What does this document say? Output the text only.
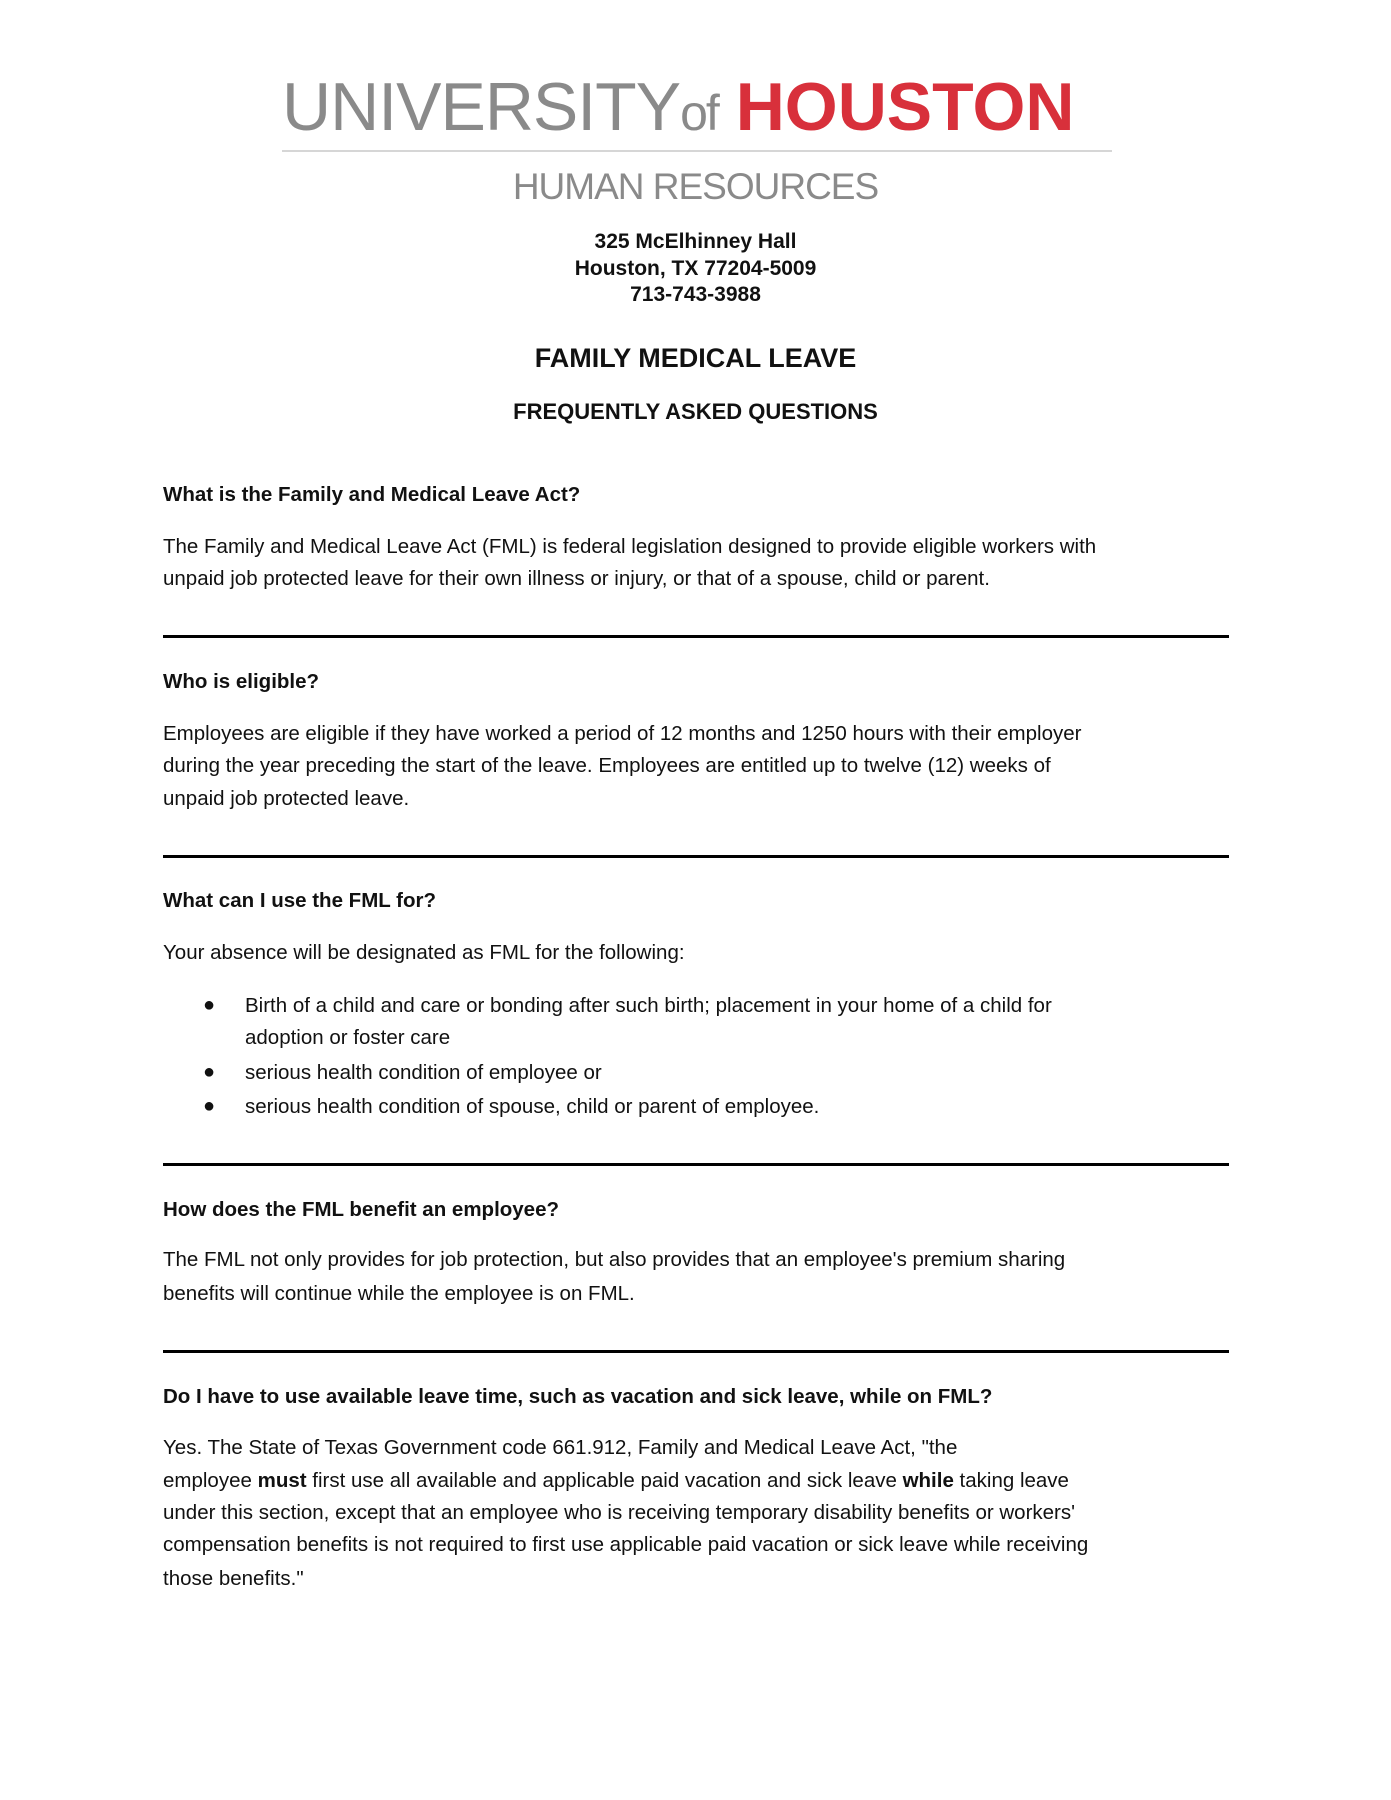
UNIVERSITYof HOUSTON
HUMAN RESOURCES
325 McElhinney Hall
Houston, TX 77204-5009
713-743-3988
FAMILY MEDICAL LEAVE
FREQUENTLY ASKED QUESTIONS
What is the Family and Medical Leave Act?
The Family and Medical Leave Act (FML) is federal legislation designed to provide eligible workers with
unpaid job protected leave for their own illness or injury, or that of a spouse, child or parent.
Who is eligible?
Employees are eligible if they have worked a period of 12 months and 1250 hours with their employer
during the year preceding the start of the leave. Employees are entitled up to twelve (12) weeks of
unpaid job protected leave.
What can I use the FML for?
Your absence will be designated as FML for the following:
● Birth of a child and care or bonding after such birth; placement in your home of a child for
adoption or foster care
● serious health condition of employee or
● serious health condition of spouse, child or parent of employee.
How does the FML benefit an employee?
The FML not only provides for job protection, but also provides that an employee's premium sharing
benefits will continue while the employee is on FML.
Do I have to use available leave time, such as vacation and sick leave, while on FML?
Yes. The State of Texas Government code 661.912, Family and Medical Leave Act, "the
employee must first use all available and applicable paid vacation and sick leave while taking leave
under this section, except that an employee who is receiving temporary disability benefits or workers'
compensation benefits is not required to first use applicable paid vacation or sick leave while receiving
those benefits."
